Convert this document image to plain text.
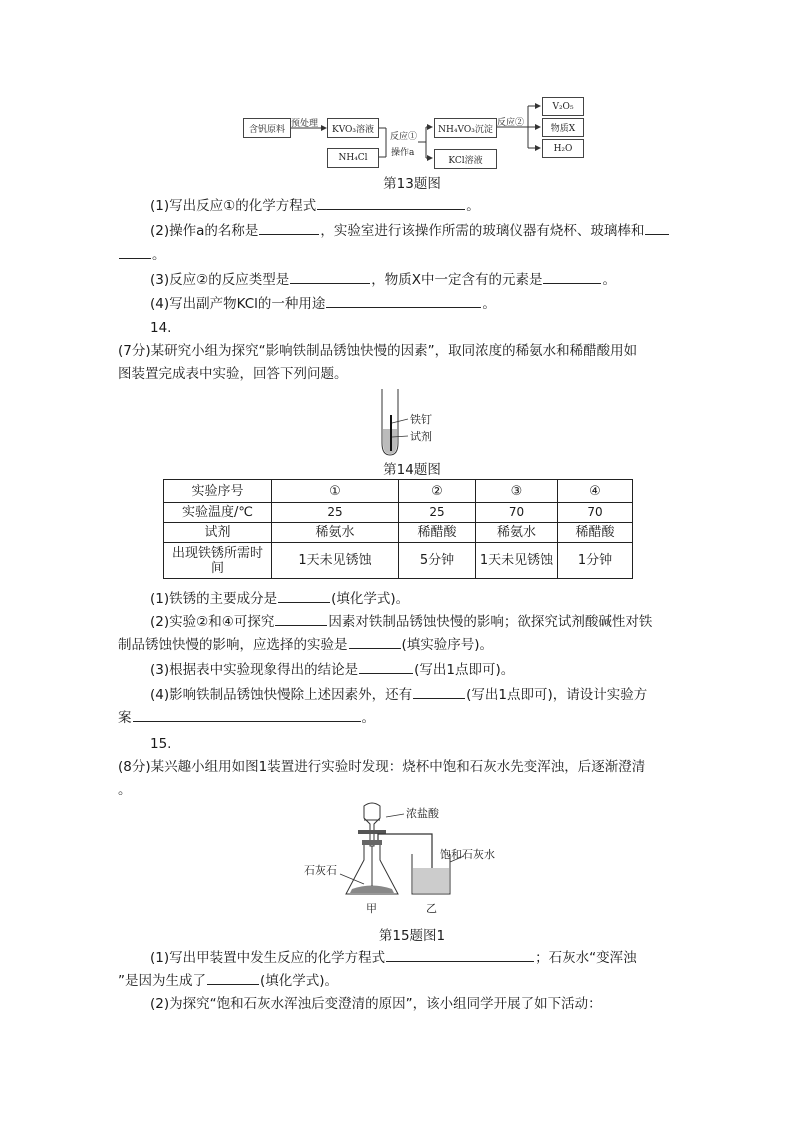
含钒原料
预处理
KVO₃溶液
NH₄Cl
反应①
操作a
NH₄VO₃沉淀
KCl溶液
反应②
V₂O₅
物质X
H₂O
第13题图
(1)写出反应①的化学方程式	。
(2)操作a的名称是	，实验室进行该操作所需的玻璃仪器有烧杯、玻璃棒和
。
(3)反应②的反应类型是	，物质X中一定含有的元素是	。
(4)写出副产物KCl的一种用途	。
14.
(7分)某研究小组为探究“影响铁制品锈蚀快慢的因素”，取同浓度的稀氨水和稀醋酸用如
图装置完成表中实验，回答下列问题。
铁钉
试剂
第14题图
实验序号	①	②	③	④
实验温度/℃	25	25	70	70
试剂	稀氨水	稀醋酸	稀氨水	稀醋酸
出现铁锈所需时间	1天未见锈蚀	5分钟	1天未见锈蚀	1分钟
(1)铁锈的主要成分是	(填化学式)。
(2)实验②和④可探究	因素对铁制品锈蚀快慢的影响；欲探究试剂酸碱性对铁
制品锈蚀快慢的影响，应选择的实验是	(填实验序号)。
(3)根据表中实验现象得出的结论是	(写出1点即可)。
(4)影响铁制品锈蚀快慢除上述因素外，还有	(写出1点即可)，请设计实验方
案	。
15.
(8分)某兴趣小组用如图1装置进行实验时发现：烧杯中饱和石灰水先变浑浊，后逐渐澄清
。
浓盐酸
石灰石
饱和石灰水
甲	乙
第15题图1
(1)写出甲装置中发生反应的化学方程式	；石灰水“变浑浊
”是因为生成了	(填化学式)。
(2)为探究“饱和石灰水浑浊后变澄清的原因”，该小组同学开展了如下活动：
